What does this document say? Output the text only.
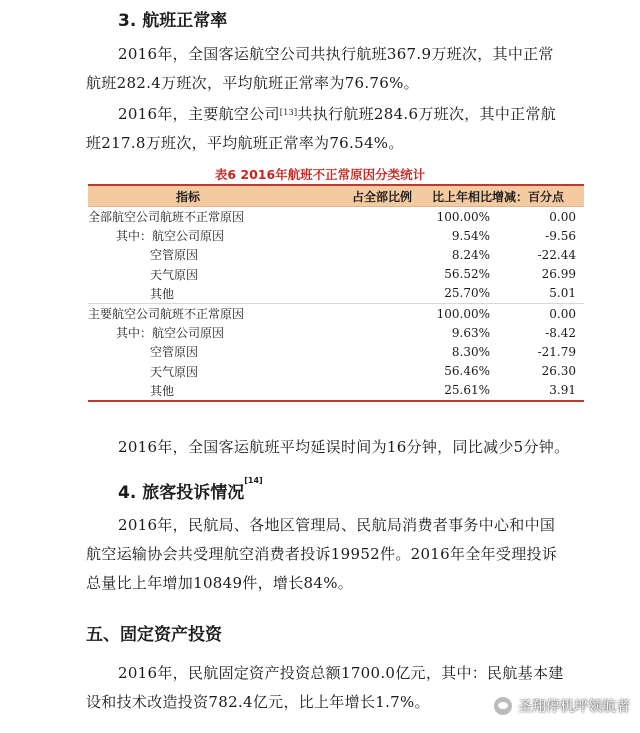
3. 航班正常率
2016年，全国客运航空公司共执行航班367.9万班次，其中正常
航班282.4万班次，平均航班正常率为76.76%。
2016年，主要航空公司[13]共执行航班284.6万班次，其中正常航
班217.8万班次，平均航班正常率为76.54%。
表6 2016年航班不正常原因分类统计
指标	占全部比例	比上年相比增减：百分点
全部航空公司航班不正常原因	100.00%	0.00
其中：航空公司原因	9.54%	-9.56
空管原因	8.24%	-22.44
天气原因	56.52%	26.99
其他	25.70%	5.01
主要航空公司航班不正常原因	100.00%	0.00
其中：航空公司原因	9.63%	-8.42
空管原因	8.30%	-21.79
天气原因	56.46%	26.30
其他	25.61%	3.91
2016年，全国客运航班平均延误时间为16分钟，同比减少5分钟。
4. 旅客投诉情况[14]
2016年，民航局、各地区管理局、民航局消费者事务中心和中国
航空运输协会共受理航空消费者投诉19952件。2016年全年受理投诉
总量比上年增加10849件，增长84%。
五、固定资产投资
2016年，民航固定资产投资总额1700.0亿元，其中：民航基本建
设和技术改造投资782.4亿元，比上年增长1.7%。	圣翔停机坪领航者
